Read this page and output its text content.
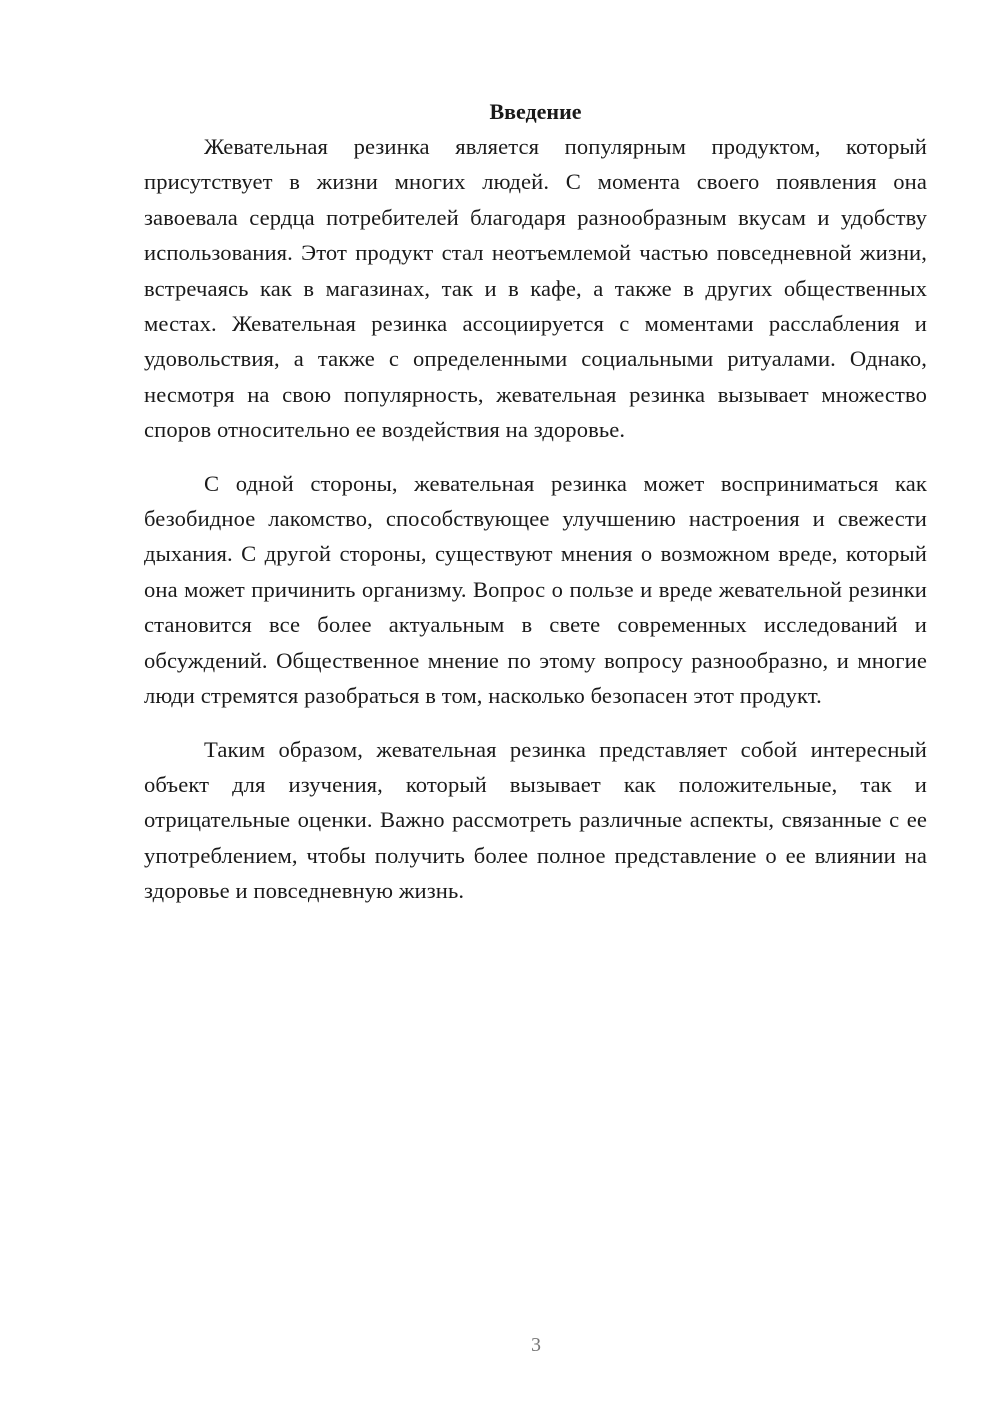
Введение

Жевательная резинка является популярным продуктом, который присутствует в жизни многих людей. С момента своего появления она завоевала сердца потребителей благодаря разнообразным вкусам и удобству использования. Этот продукт стал неотъемлемой частью повседневной жизни, встречаясь как в магазинах, так и в кафе, а также в других общественных местах. Жевательная резинка ассоциируется с моментами расслабления и удовольствия, а также с определенными социальными ритуалами. Однако, несмотря на свою популярность, жевательная резинка вызывает множество споров относительно ее воздействия на здоровье.

С одной стороны, жевательная резинка может восприниматься как безобидное лакомство, способствующее улучшению настроения и свежести дыхания. С другой стороны, существуют мнения о возможном вреде, который она может причинить организму. Вопрос о пользе и вреде жевательной резинки становится все более актуальным в свете современных исследований и обсуждений. Общественное мнение по этому вопросу разнообразно, и многие люди стремятся разобраться в том, насколько безопасен этот продукт.

Таким образом, жевательная резинка представляет собой интересный объект для изучения, который вызывает как положительные, так и отрицательные оценки. Важно рассмотреть различные аспекты, связанные с ее употреблением, чтобы получить более полное представление о ее влиянии на здоровье и повседневную жизнь.

3
